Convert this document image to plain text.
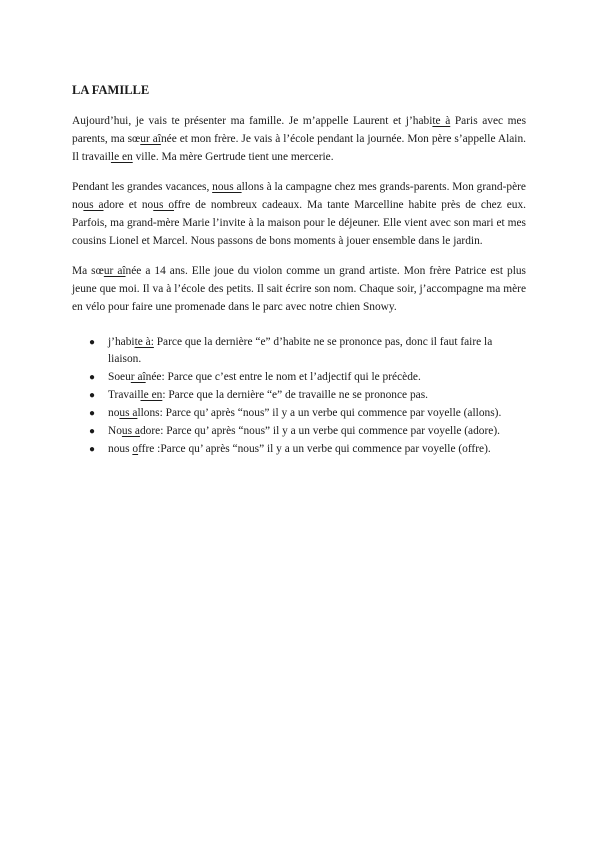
LA FAMILLE

Aujourd’hui, je vais te présenter ma famille. Je m’appelle Laurent et j’habite à Paris avec mes parents, ma sœur aînée et mon frère. Je vais à l’école pendant la journée. Mon père s’appelle Alain. Il travaille en ville. Ma mère Gertrude tient une mercerie.

Pendant les grandes vacances, nous allons à la campagne chez mes grands-parents. Mon grand-père nous adore et nous offre de nombreux cadeaux. Ma tante Marcelline habite près de chez eux. Parfois, ma grand-mère Marie l’invite à la maison pour le déjeuner. Elle vient avec son mari et mes cousins Lionel et Marcel. Nous passons de bons moments à jouer ensemble dans le jardin.

Ma sœur aînée a 14 ans. Elle joue du violon comme un grand artiste. Mon frère Patrice est plus jeune que moi. Il va à l’école des petits. Il sait écrire son nom. Chaque soir, j’accompagne ma mère en vélo pour faire une promenade dans le parc avec notre chien Snowy.

● j’habite à: Parce que la dernière “e” d’habite ne se prononce pas, donc il faut faire la liaison.
● Soeur aînée: Parce que c’est entre le nom et l’adjectif qui le précède.
● Travaille en: Parce que la dernière “e” de travaille ne se prononce pas.
● nous allons: Parce qu’ après “nous” il y a un verbe qui commence par voyelle (allons).
● Nous adore: Parce qu’ après “nous” il y a un verbe qui commence par voyelle (adore).
● nous offre :Parce qu’ après “nous” il y a un verbe qui commence par voyelle (offre).
